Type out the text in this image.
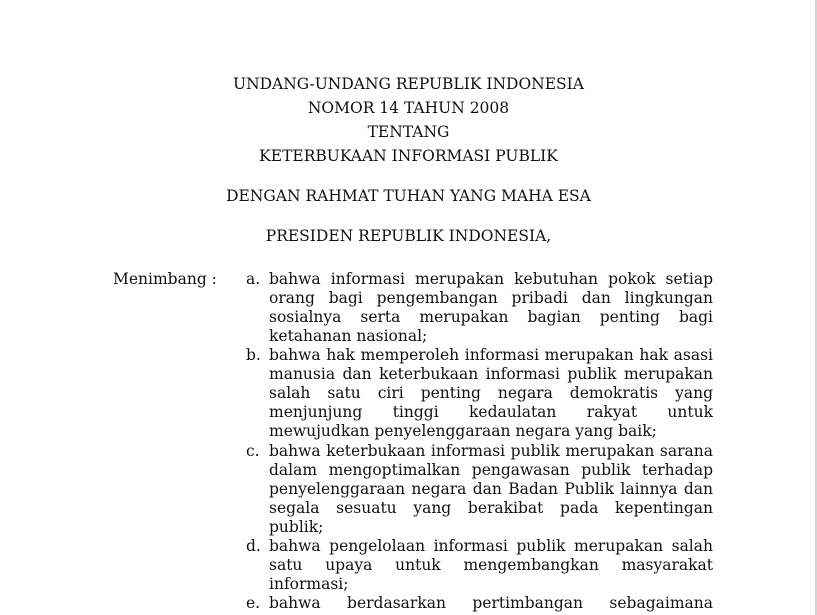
UNDANG-UNDANG REPUBLIK INDONESIA
NOMOR 14 TAHUN 2008
TENTANG
KETERBUKAAN INFORMASI PUBLIK
DENGAN RAHMAT TUHAN YANG MAHA ESA
PRESIDEN REPUBLIK INDONESIA,
Menimbang : a. bahwa informasi merupakan kebutuhan pokok setiap orang bagi pengembangan pribadi dan lingkungan sosialnya serta merupakan bagian penting bagi ketahanan nasional;
b. bahwa hak memperoleh informasi merupakan hak asasi manusia dan keterbukaan informasi publik merupakan salah satu ciri penting negara demokratis yang menjunjung tinggi kedaulatan rakyat untuk mewujudkan penyelenggaraan negara yang baik;
c. bahwa keterbukaan informasi publik merupakan sarana dalam mengoptimalkan pengawasan publik terhadap penyelenggaraan negara dan Badan Publik lainnya dan segala sesuatu yang berakibat pada kepentingan publik;
d. bahwa pengelolaan informasi publik merupakan salah satu upaya untuk mengembangkan masyarakat informasi;
e. bahwa berdasarkan pertimbangan sebagaimana
